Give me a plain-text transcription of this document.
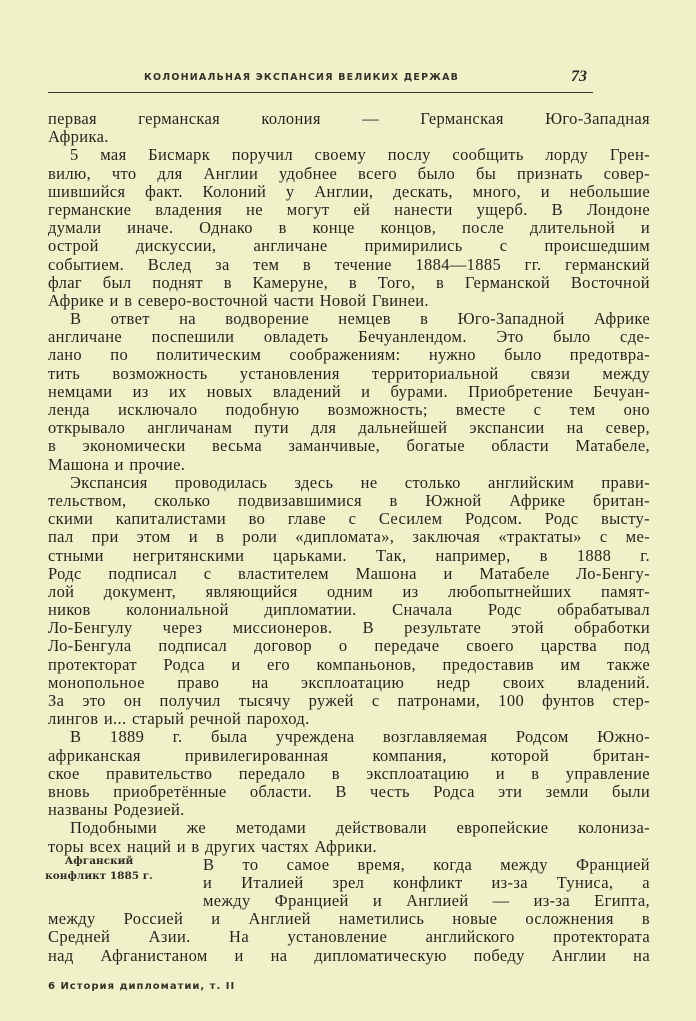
КОЛОНИАЛЬНАЯ ЭКСПАНСИЯ ВЕЛИКИХ ДЕРЖАВ	73
первая германская колония — Германская Юго-Западная
Африка.
5 мая Бисмарк поручил своему послу сообщить лорду Грен-
вилю, что для Англии удобнее всего было бы признать совер-
шившийся факт. Колоний у Англии, дескать, много, и небольшие
германские владения не могут ей нанести ущерб. В Лондоне
думали иначе. Однако в конце концов, после длительной и
острой дискуссии, англичане примирились с происшедшим
событием. Вслед за тем в течение 1884—1885 гг. германский
флаг был поднят в Камеруне, в Того, в Германской Восточной
Африке и в северо-восточной части Новой Гвинеи.
В ответ на водворение немцев в Юго-Западной Африке
англичане поспешили овладеть Бечуанлендом. Это было сде-
лано по политическим соображениям: нужно было предотвра-
тить возможность установления территориальной связи между
немцами из их новых владений и бурами. Приобретение Бечуан-
ленда исключало подобную возможность; вместе с тем оно
открывало англичанам пути для дальнейшей экспансии на север,
в экономически весьма заманчивые, богатые области Матабеле,
Машона и прочие.
Экспансия проводилась здесь не столько английским прави-
тельством, сколько подвизавшимися в Южной Африке британ-
скими капиталистами во главе с Сесилем Родсом. Родс высту-
пал при этом и в роли «дипломата», заключая «трактаты» с ме-
стными негритянскими царьками. Так, например, в 1888 г.
Родс подписал с властителем Машона и Матабеле Ло-Бенгу-
лой документ, являющийся одним из любопытнейших памят-
ников колониальной дипломатии. Сначала Родс обрабатывал
Ло-Бенгулу через миссионеров. В результате этой обработки
Ло-Бенгула подписал договор о передаче своего царства под
протекторат Родса и его компаньонов, предоставив им также
монопольное право на эксплоатацию недр своих владений.
За это он получил тысячу ружей с патронами, 100 фунтов стер-
лингов и... старый речной пароход.
В 1889 г. была учреждена возглавляемая Родсом Южно-
африканская привилегированная компания, которой британ-
ское правительство передало в эксплоатацию и в управление
вновь приобретённые области. В честь Родса эти земли были
названы Родезией.
Подобными же методами действовали европейские колониза-
торы всех наций и в других частях Африки.
В то самое время, когда между Францией
и Италией зрел конфликт из-за Туниса, а
между Францией и Англией — из-за Египта,
между Россией и Англией наметились новые осложнения в
Средней Азии. На установление английского протектората
над Афганистаном и на дипломатическую победу Англии на
Афганский
конфликт 1885 г.
6 История дипломатии, т. II
